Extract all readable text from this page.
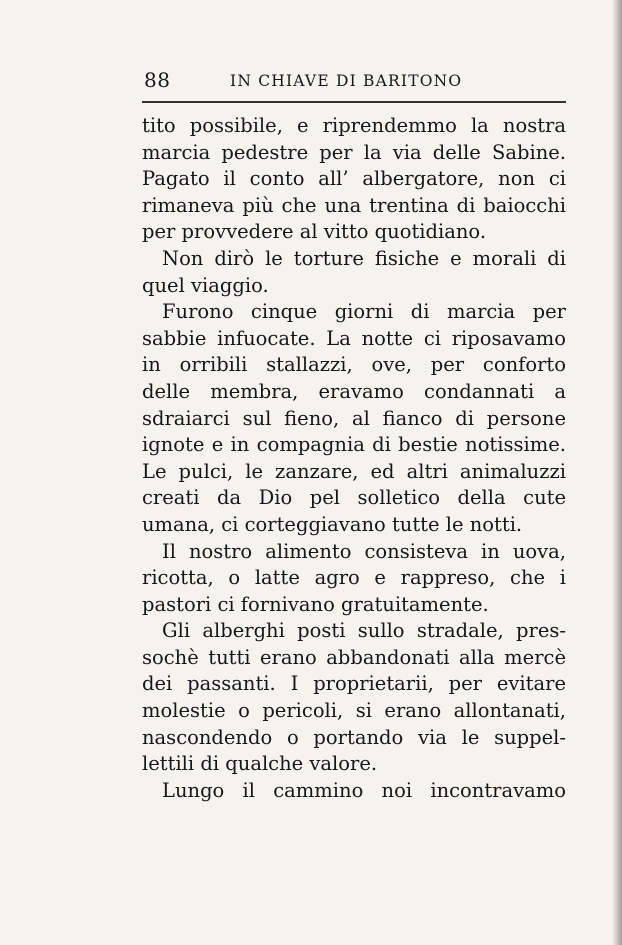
88	IN CHIAVE DI BARITONO
tito possibile, e riprendemmo la nostra
marcia pedestre per la via delle Sabine.
Pagato il conto all’ albergatore, non ci
rimaneva più che una trentina di baiocchi
per provvedere al vitto quotidiano.
Non dirò le torture fisiche e morali di
quel viaggio.
Furono cinque giorni di marcia per
sabbie infuocate. La notte ci riposavamo
in orribili stallazzi, ove, per conforto
delle membra, eravamo condannati a
sdraiarci sul fieno, al fianco di persone
ignote e in compagnia di bestie notissime.
Le pulci, le zanzare, ed altri animaluzzi
creati da Dio pel solletico della cute
umana, ci corteggiavano tutte le notti.
Il nostro alimento consisteva in uova,
ricotta, o latte agro e rappreso, che i
pastori ci fornivano gratuitamente.
Gli alberghi posti sullo stradale, pres-
sochè tutti erano abbandonati alla mercè
dei passanti. I proprietarii, per evitare
molestie o pericoli, si erano allontanati,
nascondendo o portando via le suppel-
lettili di qualche valore.
Lungo il cammino noi incontravamo
